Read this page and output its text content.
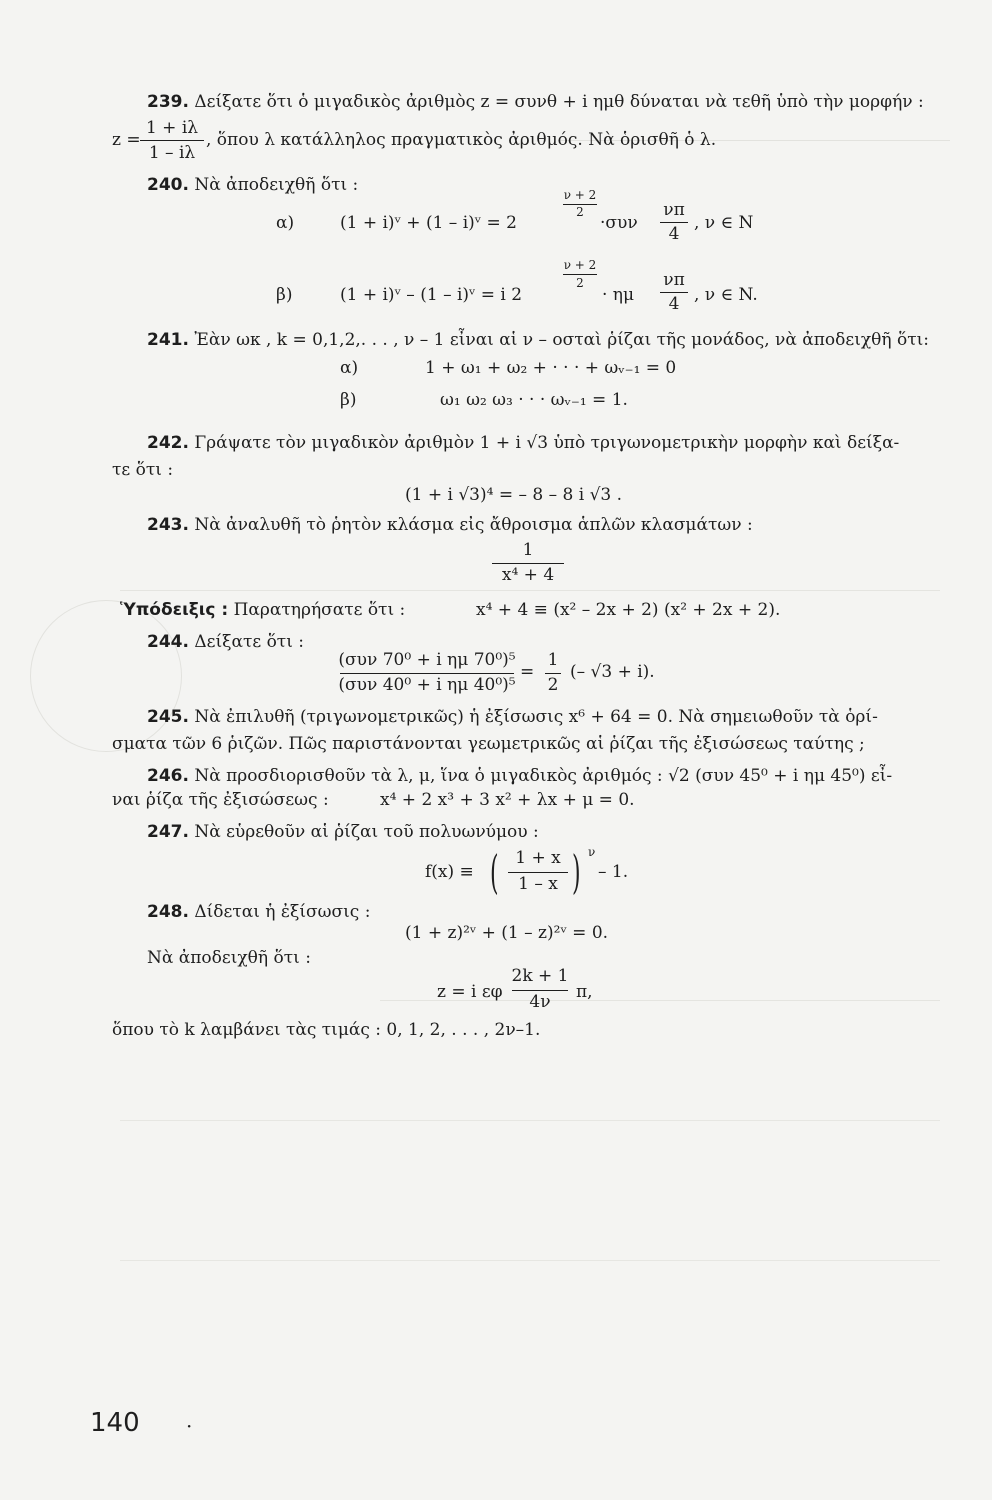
239. Δείξατε ὅτι ὁ μιγαδικὸς ἀριθμὸς z = συνθ + i ημθ δύναται νὰ τεθῆ ὑπὸ τὴν μορφήν :
z =
1 + iλ
1 – iλ
, ὅπου λ κατάλληλος πραγματικὸς ἀριθμός. Νὰ ὁρισθῆ ὁ λ.
240. Νὰ ἀποδειχθῆ ὅτι :
α)	(1 + i)ᵛ + (1 – i)ᵛ = 2
ν + 2
2
·συν
νπ
4
, ν ∈ N
β)	(1 + i)ᵛ – (1 – i)ᵛ = i 2
ν + 2
2
· ημ
νπ
4 , ν ∈ N.
241. Ἐὰν ωκ , k = 0,1,2,. . . , ν – 1 εἶναι αἱ ν – οσταὶ ῥίζαι τῆς μονάδος, νὰ ἀποδειχθῆ ὅτι:
α)	1 + ω₁ + ω₂ + · · · + ωᵥ₋₁ = 0
β)	ω₁ ω₂ ω₃ · · · ωᵥ₋₁ = 1.
242. Γράψατε τὸν μιγαδικὸν ἀριθμὸν 1 + i √3 ὑπὸ τριγωνομετρικὴν μορφὴν καὶ δείξα-
τε ὅτι :
(1 + i √3)⁴ = – 8 – 8 i √3 .
243. Νὰ ἀναλυθῆ τὸ ῥητὸν κλάσμα εἰς ἄθροισμα ἁπλῶν κλασμάτων :
1
x⁴ + 4
Ὑπόδειξις : Παρατηρήσατε ὅτι :	x⁴ + 4 ≡ (x² – 2x + 2) (x² + 2x + 2).
244. Δείξατε ὅτι :
(συν 70⁰ + i ημ 70⁰)⁵
(συν 40⁰ + i ημ 40⁰)⁵
=
1
2
(– √3 + i).
245. Νὰ ἐπιλυθῆ (τριγωνομετρικῶς) ἡ ἐξίσωσις x⁶ + 64 = 0. Νὰ σημειωθοῦν τὰ ὁρί-
σματα τῶν 6 ῥιζῶν. Πῶς παριστάνονται γεωμετρικῶς αἱ ῥίζαι τῆς ἐξισώσεως ταύτης ;
246. Νὰ προσδιορισθοῦν τὰ λ, μ, ἵνα ὁ μιγαδικὸς ἀριθμός : √2 (συν 45⁰ + i ημ 45⁰) εἶ-
ναι ῥίζα τῆς ἐξισώσεως :	x⁴ + 2 x³ + 3 x² + λx + μ = 0.
247. Νὰ εὑρεθοῦν αἱ ῥίζαι τοῦ πολυωνύμου :
f(x) ≡ ( 1 + x
1 – x ) ν
– 1.
248. Δίδεται ἡ ἐξίσωσις :
(1 + z)²ᵛ + (1 – z)²ᵛ = 0.
Νὰ ἀποδειχθῆ ὅτι :
z = i εφ
2k + 1
4ν π,
ὅπου τὸ k λαμβάνει τὰς τιμάς : 0, 1, 2, . . . , 2ν–1.
140 ·
